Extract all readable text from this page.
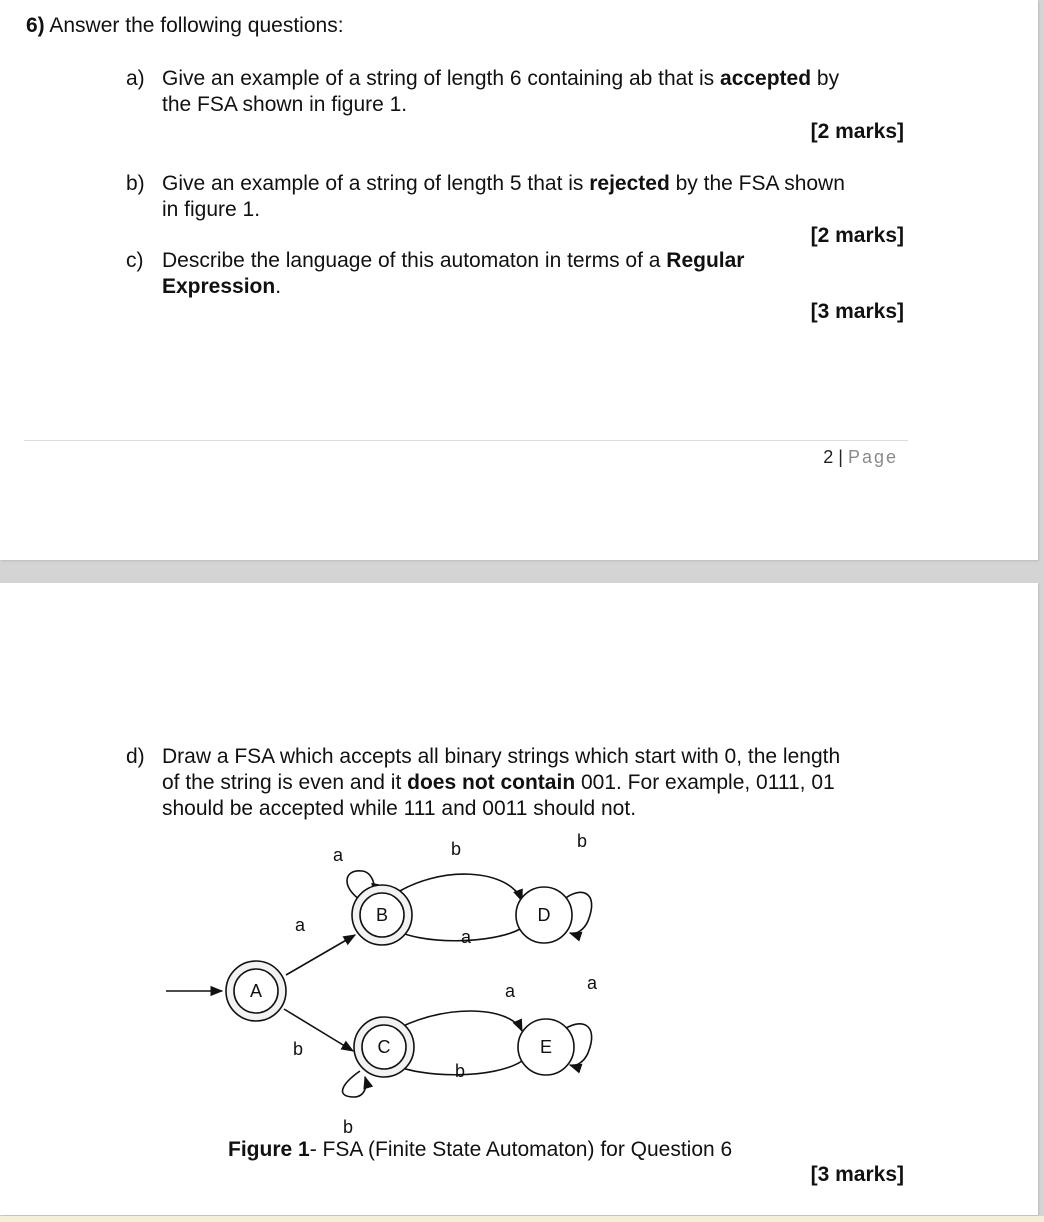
6) Answer the following questions:
a) Give an example of a string of length 6 containing ab that is accepted by
the FSA shown in figure 1.
[2 marks]
b) Give an example of a string of length 5 that is rejected by the FSA shown
in figure 1.
[2 marks]
c) Describe the language of this automaton in terms of a Regular
Expression.
[3 marks]
2 | Page
d) Draw a FSA which accepts all binary strings which start with 0, the length
of the string is even and it does not contain 001. For example, 0111, 01
should be accepted while 111 and 0011 should not.
A
B
C
D
E
a
b
a	b
a
b
a
b
a
b
Figure 1- FSA (Finite State Automaton) for Question 6
[3 marks]
